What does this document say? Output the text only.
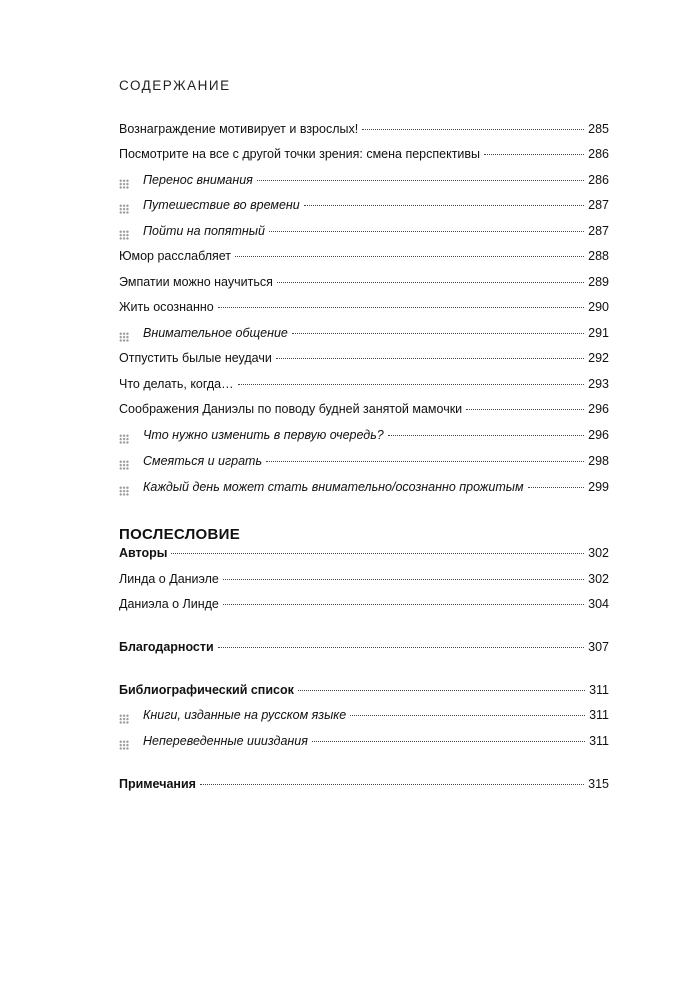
СОДЕРЖАНИЕ
Вознаграждение мотивирует и взрослых!	285
Посмотрите на все с другой точки зрения: смена перспективы	286
Перенос внимания	286
Путешествие во времени	287
Пойти на попятный	287
Юмор расслабляет	288
Эмпатии можно научиться	289
Жить осознанно	290
Внимательное общение	291
Отпустить былые неудачи	292
Что делать, когда…	293
Соображения Даниэлы по поводу будней занятой мамочки	296
Что нужно изменить в первую очередь?	296
Смеяться и играть	298
Каждый день может стать внимательно/осознанно прожитым	299
ПОСЛЕСЛОВИЕ
Авторы	302
Линда о Даниэле	302
Даниэла о Линде	304
Благодарности	307
Библиографический список	311
Книги, изданные на русском языке	311
Непереведенные иииздания	311
Примечания	315
